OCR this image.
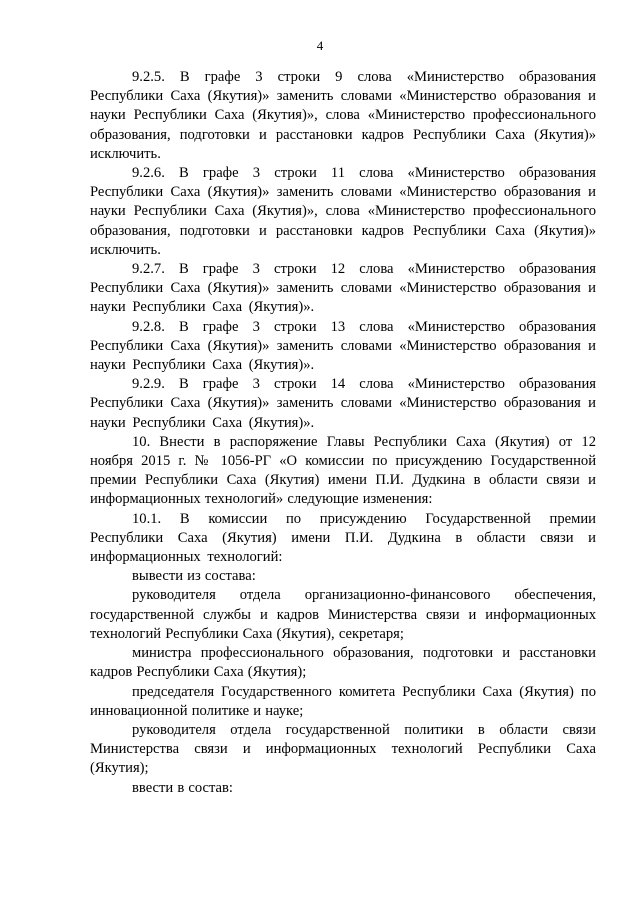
4

9.2.5. В графе 3 строки 9 слова «Министерство образования Республики Саха (Якутия)» заменить словами «Министерство образования и науки Республики Саха (Якутия)», слова «Министерство профессионального образования, подготовки и расстановки кадров Республики Саха (Якутия)» исключить.

9.2.6. В графе 3 строки 11 слова «Министерство образования Республики Саха (Якутия)» заменить словами «Министерство образования и науки Республики Саха (Якутия)», слова «Министерство профессионального образования, подготовки и расстановки кадров Республики Саха (Якутия)» исключить.

9.2.7. В графе 3 строки 12 слова «Министерство образования Республики Саха (Якутия)» заменить словами «Министерство образования и науки Республики Саха (Якутия)».

9.2.8. В графе 3 строки 13 слова «Министерство образования Республики Саха (Якутия)» заменить словами «Министерство образования и науки Республики Саха (Якутия)».

9.2.9. В графе 3 строки 14 слова «Министерство образования Республики Саха (Якутия)» заменить словами «Министерство образования и науки Республики Саха (Якутия)».

10. Внести в распоряжение Главы Республики Саха (Якутия) от 12 ноября 2015 г. № 1056-РГ «О комиссии по присуждению Государственной премии Республики Саха (Якутия) имени П.И. Дудкина в области связи и информационных технологий» следующие изменения:

10.1. В комиссии по присуждению Государственной премии Республики Саха (Якутия) имени П.И. Дудкина в области связи и информационных технологий:

вывести из состава:

руководителя отдела организационно-финансового обеспечения, государственной службы и кадров Министерства связи и информационных технологий Республики Саха (Якутия), секретаря;

министра профессионального образования, подготовки и расстановки кадров Республики Саха (Якутия);

председателя Государственного комитета Республики Саха (Якутия) по инновационной политике и науке;

руководителя отдела государственной политики в области связи Министерства связи и информационных технологий Республики Саха (Якутия);

ввести в состав:
